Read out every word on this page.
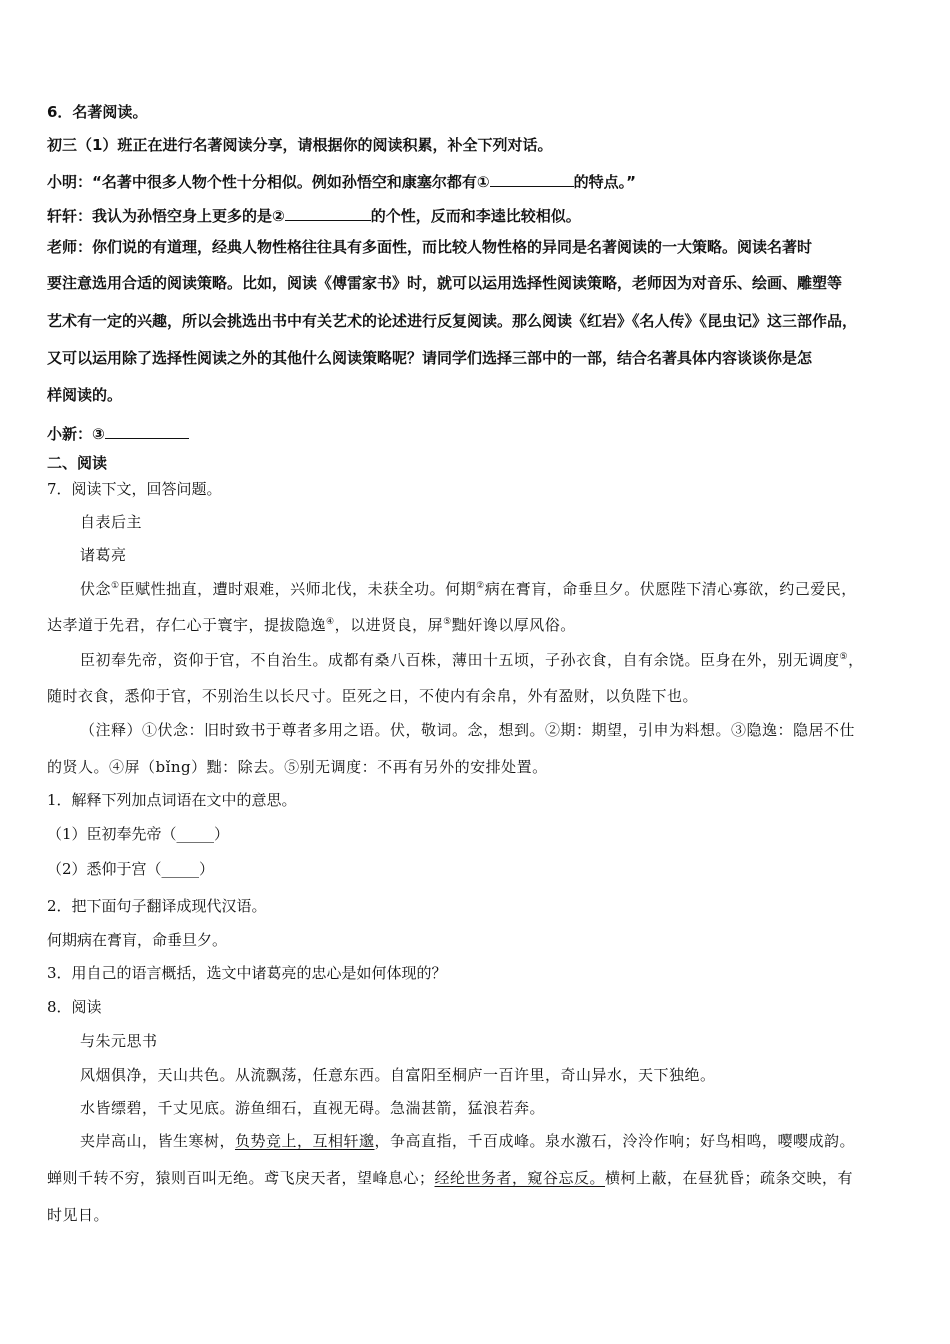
6．名著阅读。
初三（1）班正在进行名著阅读分享，请根据你的阅读积累，补全下列对话。
小明：“名著中很多人物个性十分相似。例如孙悟空和康塞尔都有①	的特点。”
轩轩：我认为孙悟空身上更多的是②	的个性，反而和李逵比较相似。
老师：你们说的有道理，经典人物性格往往具有多面性，而比较人物性格的异同是名著阅读的一大策略。阅读名著时
要注意选用合适的阅读策略。比如，阅读《傅雷家书》时，就可以运用选择性阅读策略，老师因为对音乐、绘画、雕塑等
艺术有一定的兴趣，所以会挑选出书中有关艺术的论述进行反复阅读。那么阅读《红岩》《名人传》《昆虫记》这三部作品，
又可以运用除了选择性阅读之外的其他什么阅读策略呢？请同学们选择三部中的一部，结合名著具体内容谈谈你是怎
样阅读的。
小新：③
二、阅读
7．阅读下文，回答问题。
自表后主
诸葛亮
伏念①臣赋性拙直，遭时艰难，兴师北伐，未获全功。何期②病在膏肓，命垂旦夕。伏愿陛下清心寡欲，约己爱民，
达孝道于先君，存仁心于寰宇，提拔隐逸④，以进贤良，屏⑤黜奸谗以厚风俗。
臣初奉先帝，资仰于官，不自治生。成都有桑八百株，薄田十五顷，子孙衣食，自有余饶。臣身在外，别无调度⑤，
随时衣食，悉仰于官，不别治生以长尺寸。臣死之日，不使内有余帛，外有盈财，以负陛下也。
（注释）①伏念：旧时致书于尊者多用之语。伏，敬词。念，想到。②期：期望，引申为料想。③隐逸：隐居不仕
的贤人。④屏（bǐng）黜：除去。⑤别无调度：不再有另外的安排处置。
1．解释下列加点词语在文中的意思。
（1）臣初奉先帝（_____）
（2）悉仰于宫（_____）
2．把下面句子翻译成现代汉语。
何期病在膏肓，命垂旦夕。
3．用自己的语言概括，选文中诸葛亮的忠心是如何体现的？
8．阅读
与朱元思书
风烟俱净，天山共色。从流飘荡，任意东西。自富阳至桐庐一百许里，奇山异水，天下独绝。
水皆缥碧，千丈见底。游鱼细石，直视无碍。急湍甚箭，猛浪若奔。
夹岸高山，皆生寒树，负势竞上，互相轩邈，争高直指，千百成峰。泉水激石，泠泠作响；好鸟相鸣，嘤嘤成韵。
蝉则千转不穷，猿则百叫无绝。鸢飞戾天者，望峰息心；经纶世务者，窥谷忘反。横柯上蔽，在昼犹昏；疏条交映，有
时见日。
